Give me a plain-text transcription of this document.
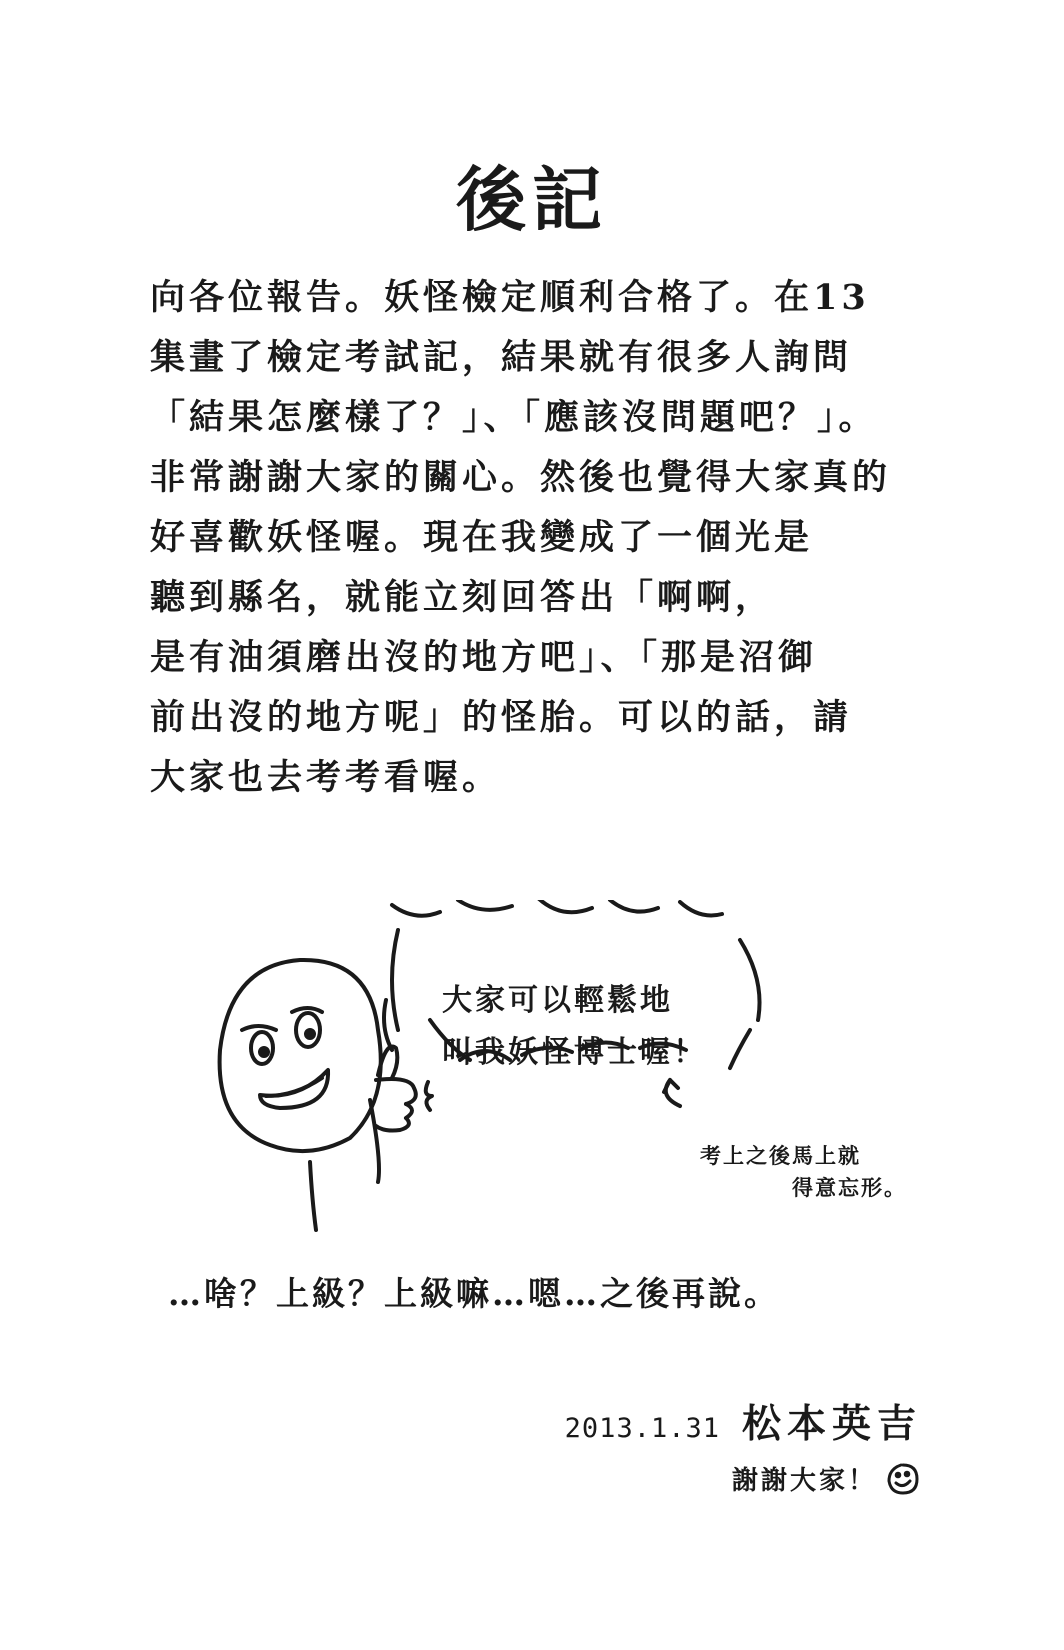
後記
向各位報告。妖怪檢定順利合格了。在13
集畫了檢定考試記，結果就有很多人詢問
「結果怎麼樣了？」、「應該沒問題吧？」。
非常謝謝大家的關心。然後也覺得大家真的
好喜歡妖怪喔。現在我變成了一個光是
聽到縣名，就能立刻回答出「啊啊，
是有油須磨出沒的地方吧」、「那是沼御
前出沒的地方呢」的怪胎。可以的話，請
大家也去考考看喔。
大家可以輕鬆地
叫我妖怪博士喔！
考上之後馬上就
得意忘形。
…啥？上級？上級嘛…嗯…之後再說。
2013.1.31 松本英吉
謝謝大家！
